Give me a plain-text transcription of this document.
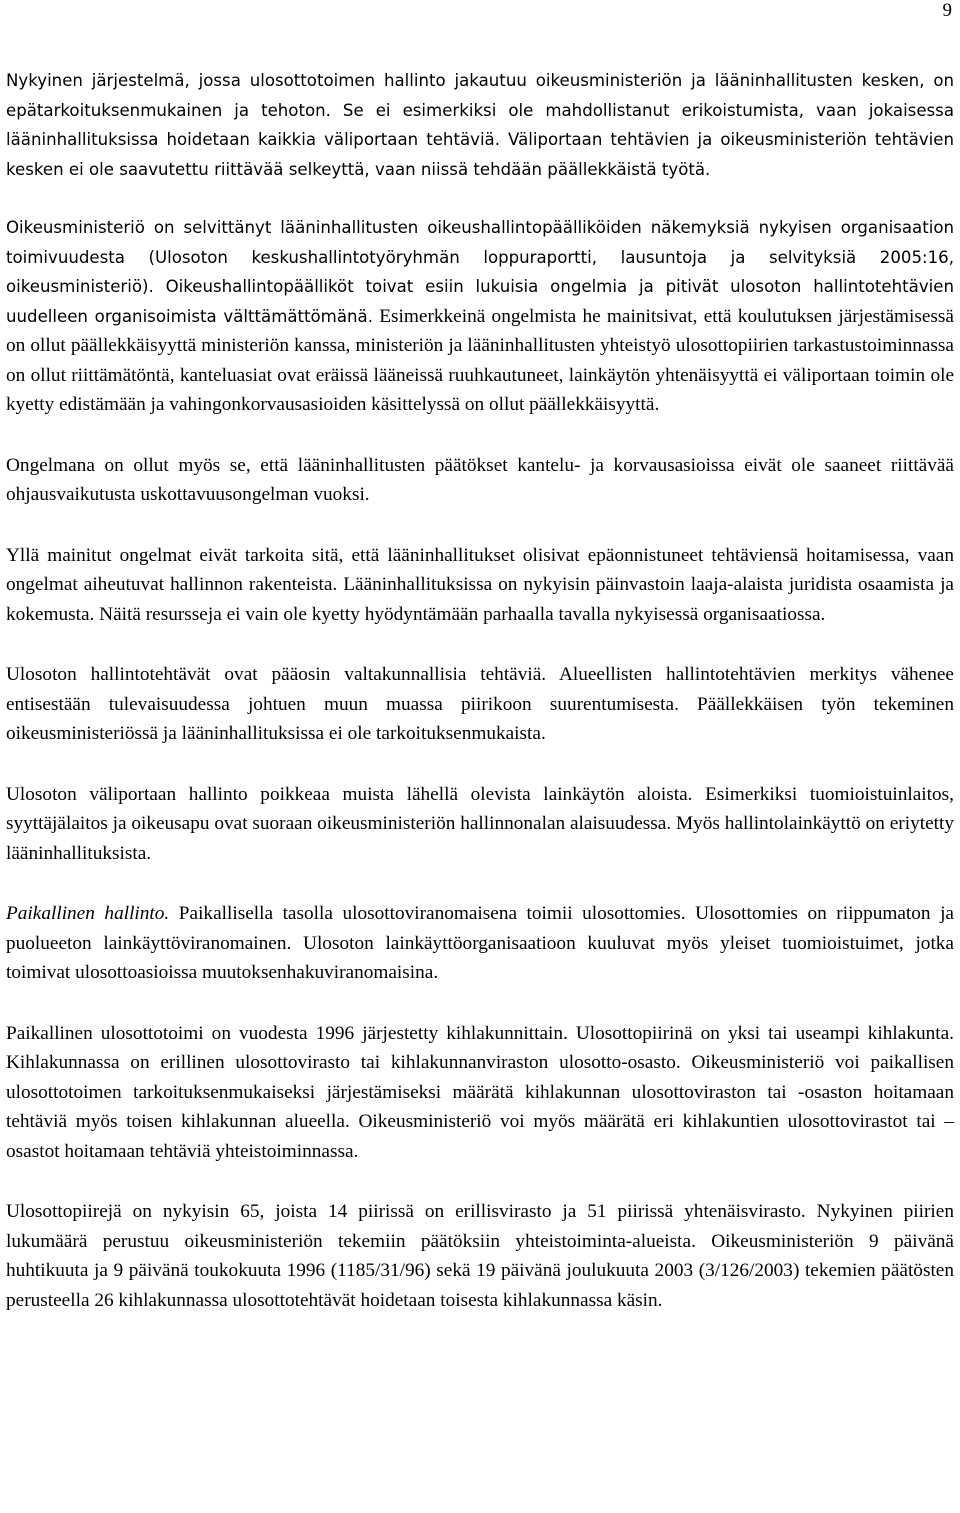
9

Nykyinen järjestelmä, jossa ulosottotoimen hallinto jakautuu oikeusministeriön ja lääninhallitusten kesken, on epätarkoituksenmukainen ja tehoton. Se ei esimerkiksi ole mahdollistanut erikoistumista, vaan jokaisessa lääninhallituksissa hoidetaan kaikkia väliportaan tehtäviä. Väliportaan tehtävien ja oikeusministeriön tehtävien kesken ei ole saavutettu riittävää selkeyttä, vaan niissä tehdään päällekkäistä työtä.

Oikeusministeriö on selvittänyt lääninhallitusten oikeushallintopäälliköiden näkemyksiä nykyisen organisaation toimivuudesta (Ulosoton keskushallintotyöryhmän loppuraportti, lausuntoja ja selvityksiä 2005:16, oikeusministeriö). Oikeushallintopäälliköt toivat esiin lukuisia ongelmia ja pitivät ulosoton hallintotehtävien uudelleen organisoimista välttämättömänä. Esimerkkeinä ongelmista he mainitsivat, että koulutuksen järjestämisessä on ollut päällekkäisyyttä ministeriön kanssa, ministeriön ja lääninhallitusten yhteistyö ulosottopiirien tarkastustoiminnassa on ollut riittämätöntä, kanteluasiat ovat eräissä lääneissä ruuhkautuneet, lainkäytön yhtenäisyyttä ei väliportaan toimin ole kyetty edistämään ja vahingonkorvausasioiden käsittelyssä on ollut päällekkäisyyttä.

Ongelmana on ollut myös se, että lääninhallitusten päätökset kantelu- ja korvausasioissa eivät ole saaneet riittävää ohjausvaikutusta uskottavuusongelman vuoksi.

Yllä mainitut ongelmat eivät tarkoita sitä, että lääninhallitukset olisivat epäonnistuneet tehtäviensä hoitamisessa, vaan ongelmat aiheutuvat hallinnon rakenteista. Lääninhallituksissa on nykyisin päinvastoin laaja-alaista juridista osaamista ja kokemusta. Näitä resursseja ei vain ole kyetty hyödyntämään parhaalla tavalla nykyisessä organisaatiossa.

Ulosoton hallintotehtävät ovat pääosin valtakunnallisia tehtäviä. Alueellisten hallintotehtävien merkitys vähenee entisestään tulevaisuudessa johtuen muun muassa piirikoon suurentumisesta. Päällekkäisen työn tekeminen oikeusministeriössä ja lääninhallituksissa ei ole tarkoituksenmukaista.

Ulosoton väliportaan hallinto poikkeaa muista lähellä olevista lainkäytön aloista. Esimerkiksi tuomioistuinlaitos, syyttäjälaitos ja oikeusapu ovat suoraan oikeusministeriön hallinnonalan alaisuudessa. Myös hallintolainkäyttö on eriytetty lääninhallituksista.

Paikallinen hallinto. Paikallisella tasolla ulosottoviranomaisena toimii ulosottomies. Ulosottomies on riippumaton ja puolueeton lainkäyttöviranomainen. Ulosoton lainkäyttöorganisaatioon kuuluvat myös yleiset tuomioistuimet, jotka toimivat ulosottoasioissa muutoksenhakuviranomaisina.

Paikallinen ulosottotoimi on vuodesta 1996 järjestetty kihlakunnittain. Ulosottopiirinä on yksi tai useampi kihlakunta. Kihlakunnassa on erillinen ulosottovirasto tai kihlakunnanviraston ulosotto-osasto. Oikeusministeriö voi paikallisen ulosottotoimen tarkoituksenmukaiseksi järjestämiseksi määrätä kihlakunnan ulosottoviraston tai -osaston hoitamaan tehtäviä myös toisen kihlakunnan alueella. Oikeusministeriö voi myös määrätä eri kihlakuntien ulosottovirastot tai –osastot hoitamaan tehtäviä yhteistoiminnassa.

Ulosottopiirejä on nykyisin 65, joista 14 piirissä on erillisvirasto ja 51 piirissä yhtenäisvirasto. Nykyinen piirien lukumäärä perustuu oikeusministeriön tekemiin päätöksiin yhteistoiminta-alueista. Oikeusministeriön 9 päivänä huhtikuuta ja 9 päivänä toukokuuta 1996 (1185/31/96) sekä 19 päivänä joulukuuta 2003 (3/126/2003) tekemien päätösten perusteella 26 kihlakunnassa ulosottotehtävät hoidetaan toisesta kihlakunnassa käsin.
